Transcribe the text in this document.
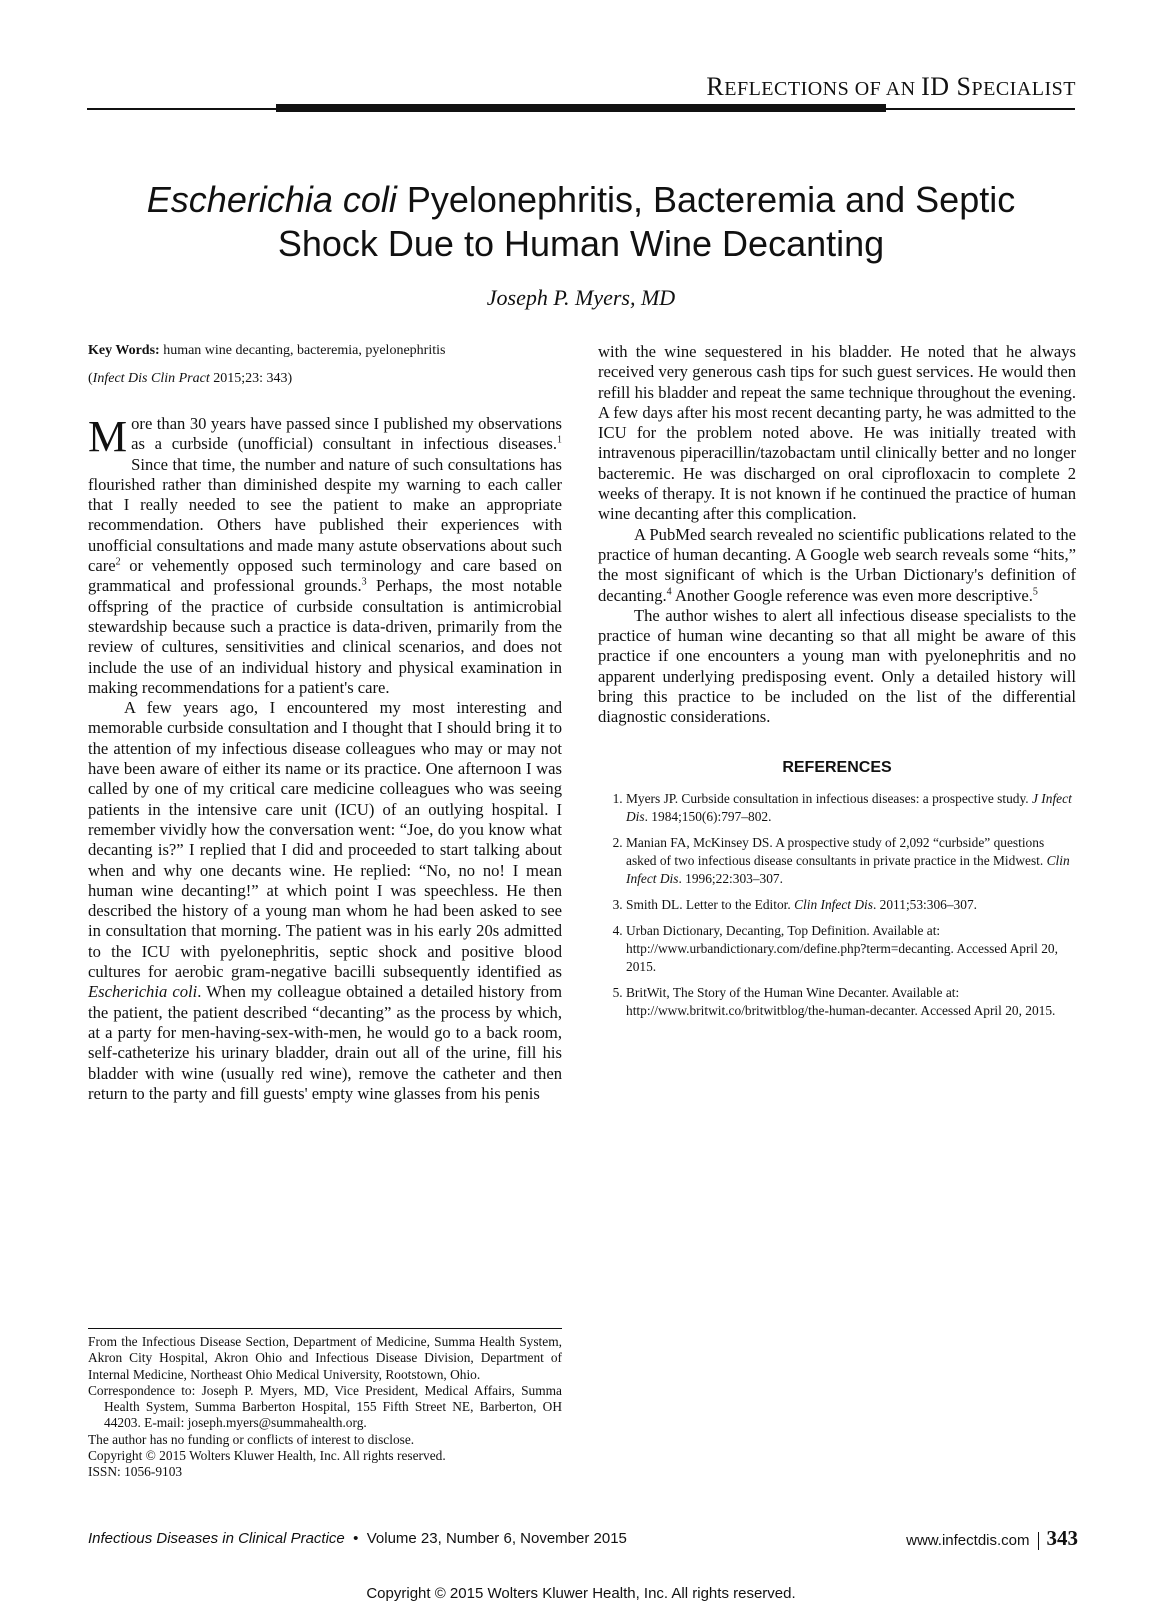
REFLECTIONS OF AN ID SPECIALIST
Escherichia coli Pyelonephritis, Bacteremia and Septic
Shock Due to Human Wine Decanting
Joseph P. Myers, MD

Key Words: human wine decanting, bacteremia, pyelonephritis

(Infect Dis Clin Pract 2015;23: 343)

More than 30 years have passed since I published my observations as a curbside (unofficial) consultant in infectious diseases.$^1$ Since that time, the number and nature of such consultations has flourished rather than diminished despite my warning to each caller that I really needed to see the patient to make an appropriate recommendation. Others have published their experiences with unofficial consultations and made many astute observations about such care$^2$ or vehemently opposed such terminology and care based on grammatical and professional grounds.$^3$ Perhaps, the most notable offspring of the practice of curbside consultation is antimicrobial stewardship because such a practice is data-driven, primarily from the review of cultures, sensitivities and clinical scenarios, and does not include the use of an individual history and physical examination in making recommendations for a patient's care.

A few years ago, I encountered my most interesting and memorable curbside consultation and I thought that I should bring it to the attention of my infectious disease colleagues who may or may not have been aware of either its name or its practice. One afternoon I was called by one of my critical care medicine colleagues who was seeing patients in the intensive care unit (ICU) of an outlying hospital. I remember vividly how the conversation went: “Joe, do you know what decanting is?” I replied that I did and proceeded to start talking about when and why one decants wine. He replied: “No, no no! I mean human wine decanting!” at which point I was speechless. He then described the history of a young man whom he had been asked to see in consultation that morning. The patient was in his early 20s admitted to the ICU with pyelonephritis, septic shock and positive blood cultures for aerobic gram-negative bacilli subsequently identified as Escherichia coli. When my colleague obtained a detailed history from the patient, the patient described “decanting” as the process by which, at a party for men-having-sex-with-men, he would go to a back room, self-catheterize his urinary bladder, drain out all of the urine, fill his bladder with wine (usually red wine), remove the catheter and then return to the party and fill guests' empty wine glasses from his penis

with the wine sequestered in his bladder. He noted that he always received very generous cash tips for such guest services. He would then refill his bladder and repeat the same technique throughout the evening. A few days after his most recent decanting party, he was admitted to the ICU for the problem noted above. He was initially treated with intravenous piperacillin/tazobactam until clinically better and no longer bacteremic. He was discharged on oral ciprofloxacin to complete 2 weeks of therapy. It is not known if he continued the practice of human wine decanting after this complication.

A PubMed search revealed no scientific publications related to the practice of human decanting. A Google web search reveals some “hits,” the most significant of which is the Urban Dictionary's definition of decanting.$^4$ Another Google reference was even more descriptive.$^5$

The author wishes to alert all infectious disease specialists to the practice of human wine decanting so that all might be aware of this practice if one encounters a young man with pyelonephritis and no apparent underlying predisposing event. Only a detailed history will bring this practice to be included on the list of the differential diagnostic considerations.

REFERENCES
1. Myers JP. Curbside consultation in infectious diseases: a prospective study. J Infect Dis. 1984;150(6):797–802.
2. Manian FA, McKinsey DS. A prospective study of 2,092 “curbside” questions asked of two infectious disease consultants in private practice in the Midwest. Clin Infect Dis. 1996;22:303–307.
3. Smith DL. Letter to the Editor. Clin Infect Dis. 2011;53:306–307.
4. Urban Dictionary, Decanting, Top Definition. Available at: http://www.urbandictionary.com/define.php?term=decanting. Accessed April 20, 2015.
5. BritWit, The Story of the Human Wine Decanter. Available at: http://www.britwit.co/britwitblog/the-human-decanter. Accessed April 20, 2015.

From the Infectious Disease Section, Department of Medicine, Summa Health System, Akron City Hospital, Akron Ohio and Infectious Disease Division, Department of Internal Medicine, Northeast Ohio Medical University, Rootstown, Ohio.

Correspondence to: Joseph P. Myers, MD, Vice President, Medical Affairs, Summa Health System, Summa Barberton Hospital, 155 Fifth Street NE, Barberton, OH 44203. E-mail: joseph.myers@summahealth.org.

The author has no funding or conflicts of interest to disclose.

Copyright © 2015 Wolters Kluwer Health, Inc. All rights reserved.

ISSN: 1056-9103

Infectious Diseases in Clinical Practice • Volume 23, Number 6, November 2015	www.infectdis.com 343
Copyright © 2015 Wolters Kluwer Health, Inc. All rights reserved.
